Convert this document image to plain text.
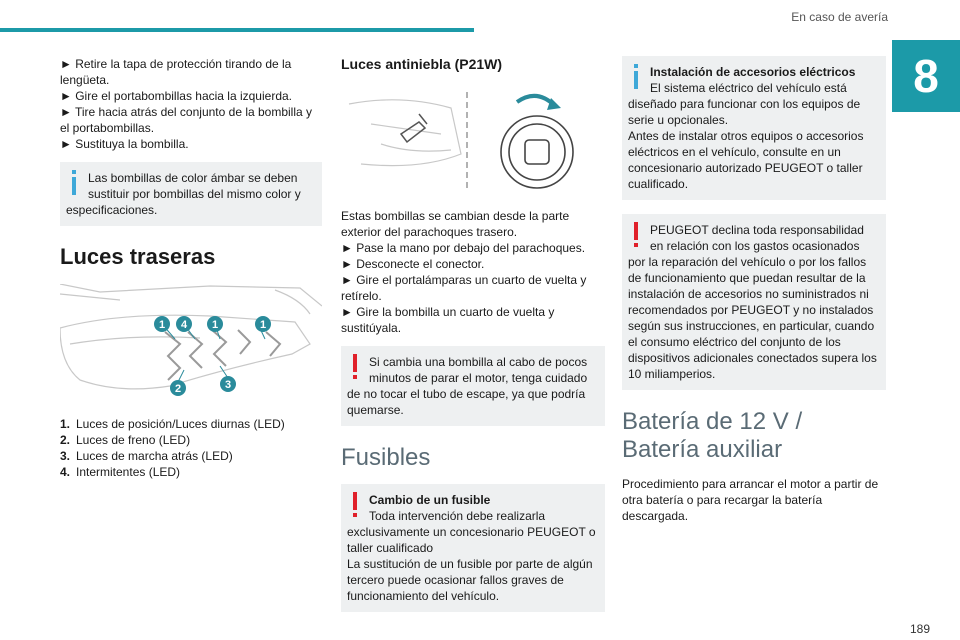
En caso de avería
8

► Retire la tapa de protección tirando de la lengüeta.

► Gire el portabombillas hacia la izquierda.

► Tire hacia atrás del conjunto de la bombilla y el portabombillas.

► Sustituya la bombilla.

Las bombillas de color ámbar se deben sustituir por bombillas del mismo color y especificaciones.
Luces traseras
1 4 1	1
2	3
1. Luces de posición/Luces diurnas (LED)
2. Luces de freno (LED)
3. Luces de marcha atrás (LED)
4. Intermitentes (LED)
Luces antiniebla (P21W)

Estas bombillas se cambian desde la parte exterior del parachoques trasero.

► Pase la mano por debajo del parachoques.

► Desconecte el conector.

► Gire el portalámparas un cuarto de vuelta y retírelo.

► Gire la bombilla un cuarto de vuelta y sustitúyala.

Si cambia una bombilla al cabo de pocos minutos de parar el motor, tenga cuidado de no tocar el tubo de escape, ya que podría quemarse.
Fusibles
Cambio de un fusible
Toda intervención debe realizarla exclusivamente un concesionario PEUGEOT o taller cualificado
La sustitución de un fusible por parte de algún tercero puede ocasionar fallos graves de funcionamiento del vehículo.
Instalación de accesorios eléctricos
El sistema eléctrico del vehículo está diseñado para funcionar con los equipos de serie u opcionales.
Antes de instalar otros equipos o accesorios eléctricos en el vehículo, consulte en un concesionario autorizado PEUGEOT o taller cualificado.
PEUGEOT declina toda responsabilidad en relación con los gastos ocasionados por la reparación del vehículo o por los fallos de funcionamiento que puedan resultar de la instalación de accesorios no suministrados ni recomendados por PEUGEOT y no instalados según sus instrucciones, en particular, cuando el consumo eléctrico del conjunto de los dispositivos adicionales conectados supera los 10 miliamperios.
Batería de 12 V / Batería auxiliar

Procedimiento para arrancar el motor a partir de otra batería o para recargar la batería descargada.

189
